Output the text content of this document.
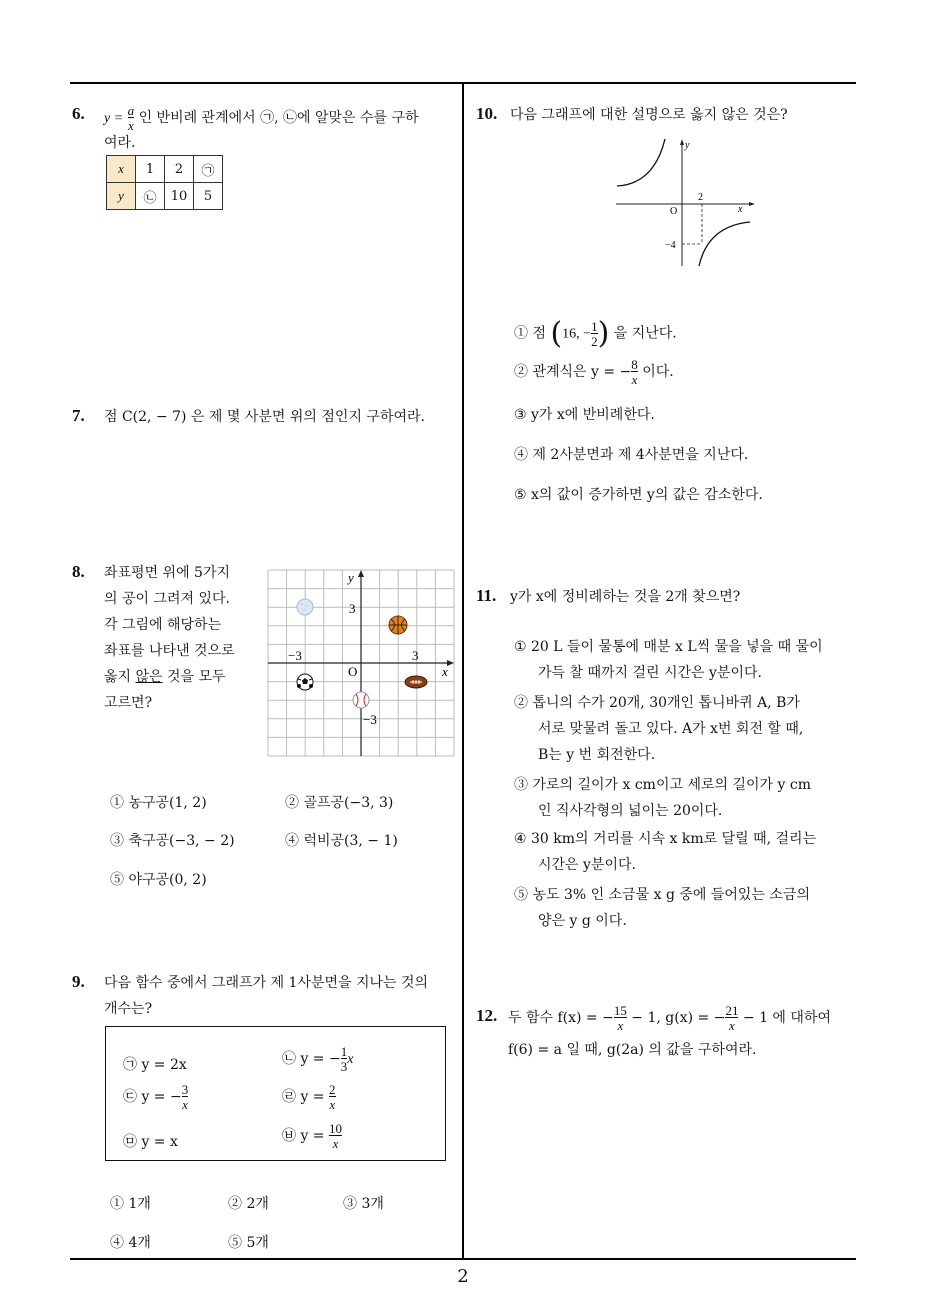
2
6. $y = \frac{a}{x}$ 인 반비례 관계에서 ㉠, ㉡에 알맞은 수를 구하
여라.
x	1	2	㉠
y	㉡	10	5
7. 점 C(2, − 7) 은 제 몇 사분면 위의 점인지 구하여라.
8. 좌표평면 위에 5가지
의 공이 그려져 있다.
각 그림에 해당하는
좌표를 나타낸 것으로
옳지 않은 것을 모두
고르면?
y
x
O
−3	3
3
−3
① 농구공(1, 2)	② 골프공(−3, 3)
③ 축구공(−3, − 2)	④ 럭비공(3, − 1)
⑤ 야구공(0, 2)
9. 다음 함수 중에서 그래프가 제 1사분면을 지나는 것의
개수는?
㉠ y = 2x	㉡ y = − $\frac{1}{3}$ x
㉢ y = − $\frac{3}{x}$	㉣ $y = \frac{2}{x}$
㉤ y = x	㉥ $y = \frac{10}{x}$
① 1개	② 2개	③ 3개
④ 4개	⑤ 5개
10. 다음 그래프에 대한 설명으로 옳지 않은 것은?
y
x
O
2
−4
① 점 (16, − $\frac{1}{2}$ ) 을 지난다.
② 관계식은 y = − $\frac{8}{x}$ 이다.
③ y가 x에 반비례한다.
④ 제 2사분면과 제 4사분면을 지난다.
⑤ x의 값이 증가하면 y의 값은 감소한다.
11. y가 x에 정비례하는 것을 2개 찾으면?
① 20 L 들이 물통에 매분 x L씩 물을 넣을 때 물이
가득 찰 때까지 걸린 시간은 y분이다.
② 톱니의 수가 20개, 30개인 톱니바퀴 A, B가
서로 맞물려 돌고 있다. A가 x번 회전 할 때,
B는 y 번 회전한다.
③ 가로의 길이가 x cm이고 세로의 길이가 y cm
인 직사각형의 넓이는 20이다.
④ 30 km의 거리를 시속 x km로 달릴 때, 걸리는
시간은 y분이다.
⑤ 농도 3% 인 소금물 x g 중에 들어있는 소금의
양은 y g 이다.
12. 두 함수 f(x) = − $\frac{15}{x} - 1$, g(x) = − $\frac{21}{x} - 1$ 에 대하여
f(6) = a 일 때, g(2a) 의 값을 구하여라.
